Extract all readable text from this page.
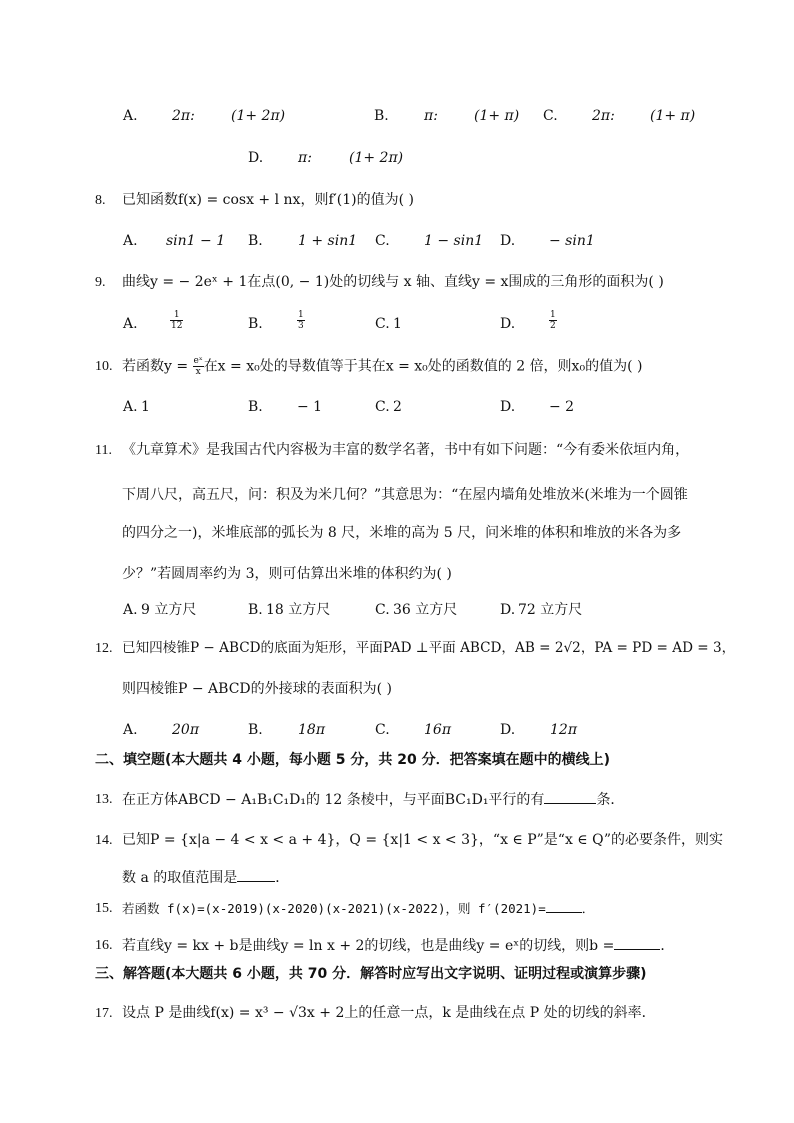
A. 2π:	(1+ 2π)	B.	π:	(1+ π) C. 2π:	(1+ π)
D. π:	(1+ 2π)
8.	已知函数f(x) = cosx + l nx，则f′(1)的值为( )
A. sin1 − 1 B.	1 + sin1 C. 1 − sin1 D. − sin1
9.	曲线y = − 2eˣ + 1在点(0, − 1)处的切线与 x 轴、直线y = x围成的三角形的面积为( )
A.	$\frac{1}{12}$	B.	$\frac{1}{3}$	C. 1	D.	$\frac{1}{2}$
10. 若函数$y = \frac{\text{eˣ}}{x}$ 在x = x₀处的导数值等于其在x = x₀处的函数值的 2 倍，则x₀的值为( )
A. 1	B. − 1	C. 2	D. − 2
11. 《九章算术》是我国古代内容极为丰富的数学名著，书中有如下问题：“今有委米依垣内角，
下周八尺，高五尺，问：积及为米几何？”其意思为：“在屋内墙角处堆放米(米堆为一个圆锥
的四分之一)，米堆底部的弧长为 8 尺，米堆的高为 5 尺，问米堆的体积和堆放的米各为多
少？”若圆周率约为 3，则可估算出米堆的体积约为( )
A. 9 立方尺	B. 18 立方尺	C. 36 立方尺	D. 72 立方尺
12. 已知四棱锥P − ABCD的底面为矩形，平面PAD ⊥平面 ABCD，AB = 2√2，PA = PD = AD = 3，
则四棱锥P − ABCD的外接球的表面积为( )
A. 20π	B.	18π	C. 16π	D. 12π
二、填空题(本大题共 4 小题，每小题 5 分，共 20 分．把答案填在题中的横线上)
13. 在正方体ABCD − A₁B₁C₁D₁的 12 条棱中，与平面BC₁D₁平行的有	条．
14. 已知P = {x|a − 4 < x < a + 4}，Q = {x|1 < x < 3}，“x ∈ P”是“x ∈ Q”的必要条件，则实
数 a 的取值范围是	．
15. 若函数 f(x)=(x-2019)(x-2020)(x-2021)(x-2022)，则 f′(2021)=	．
16. 若直线y = kx + b是曲线y = ln x + 2的切线，也是曲线y = eˣ的切线，则b =	．
三、解答题(本大题共 6 小题，共 70 分．解答时应写出文字说明、证明过程或演算步骤)
17. 设点 P 是曲线f(x) = x³ − √3x + 2上的任意一点，k 是曲线在点 P 处的切线的斜率．
